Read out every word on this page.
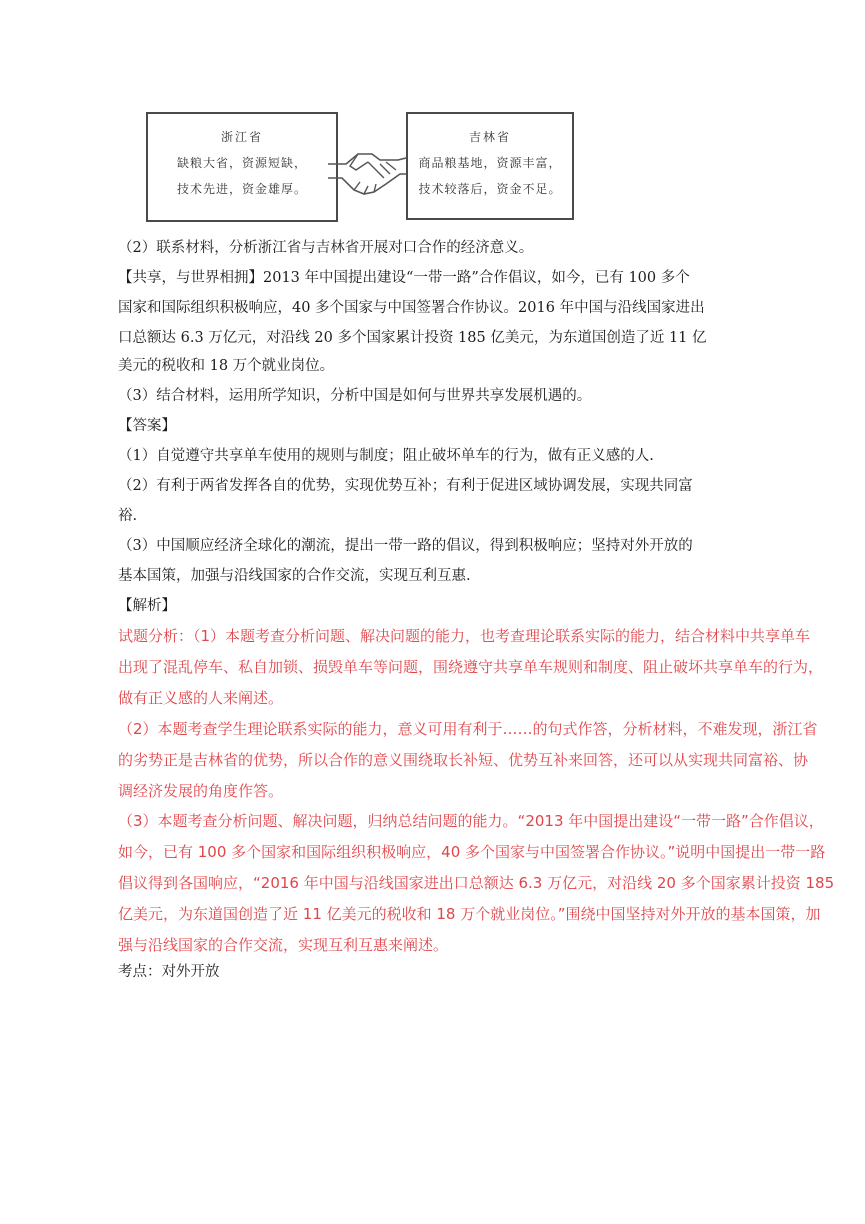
浙江省
缺粮大省，资源短缺，
技术先进，资金雄厚。
吉林省
商品粮基地，资源丰富，
技术较落后，资金不足。
（2）联系材料，分析浙江省与吉林省开展对口合作的经济意义。
【共享，与世界相拥】2013 年中国提出建设“一带一路”合作倡议，如今，已有 100 多个
国家和国际组织积极响应，40 多个国家与中国签署合作协议。2016 年中国与沿线国家进出
口总额达 6.3 万亿元，对沿线 20 多个国家累计投资 185 亿美元，为东道国创造了近 11 亿
美元的税收和 18 万个就业岗位。
（3）结合材料，运用所学知识，分析中国是如何与世界共享发展机遇的。
【答案】
（1）自觉遵守共享单车使用的规则与制度；阻止破坏单车的行为，做有正义感的人.
（2）有利于两省发挥各自的优势，实现优势互补；有利于促进区域协调发展，实现共同富
裕.
（3）中国顺应经济全球化的潮流，提出一带一路的倡议，得到积极响应；坚持对外开放的
基本国策，加强与沿线国家的合作交流，实现互利互惠.
【解析】
试题分析：（1）本题考查分析问题、解决问题的能力，也考查理论联系实际的能力，结合材料中共享单车
出现了混乱停车、私自加锁、损毁单车等问题，围绕遵守共享单车规则和制度、阻止破坏共享单车的行为，
做有正义感的人来阐述。
（2）本题考查学生理论联系实际的能力，意义可用有利于……的句式作答，分析材料，不难发现，浙江省
的劣势正是吉林省的优势，所以合作的意义围绕取长补短、优势互补来回答，还可以从实现共同富裕、协
调经济发展的角度作答。
（3）本题考查分析问题、解决问题，归纳总结问题的能力。“2013 年中国提出建设“一带一路”合作倡议，
如今，已有 100 多个国家和国际组织积极响应，40 多个国家与中国签署合作协议。”说明中国提出一带一路
倡议得到各国响应，“2016 年中国与沿线国家进出口总额达 6.3 万亿元，对沿线 20 多个国家累计投资 185
亿美元，为东道国创造了近 11 亿美元的税收和 18 万个就业岗位。”围绕中国坚持对外开放的基本国策，加
强与沿线国家的合作交流，实现互利互惠来阐述。
考点：对外开放
